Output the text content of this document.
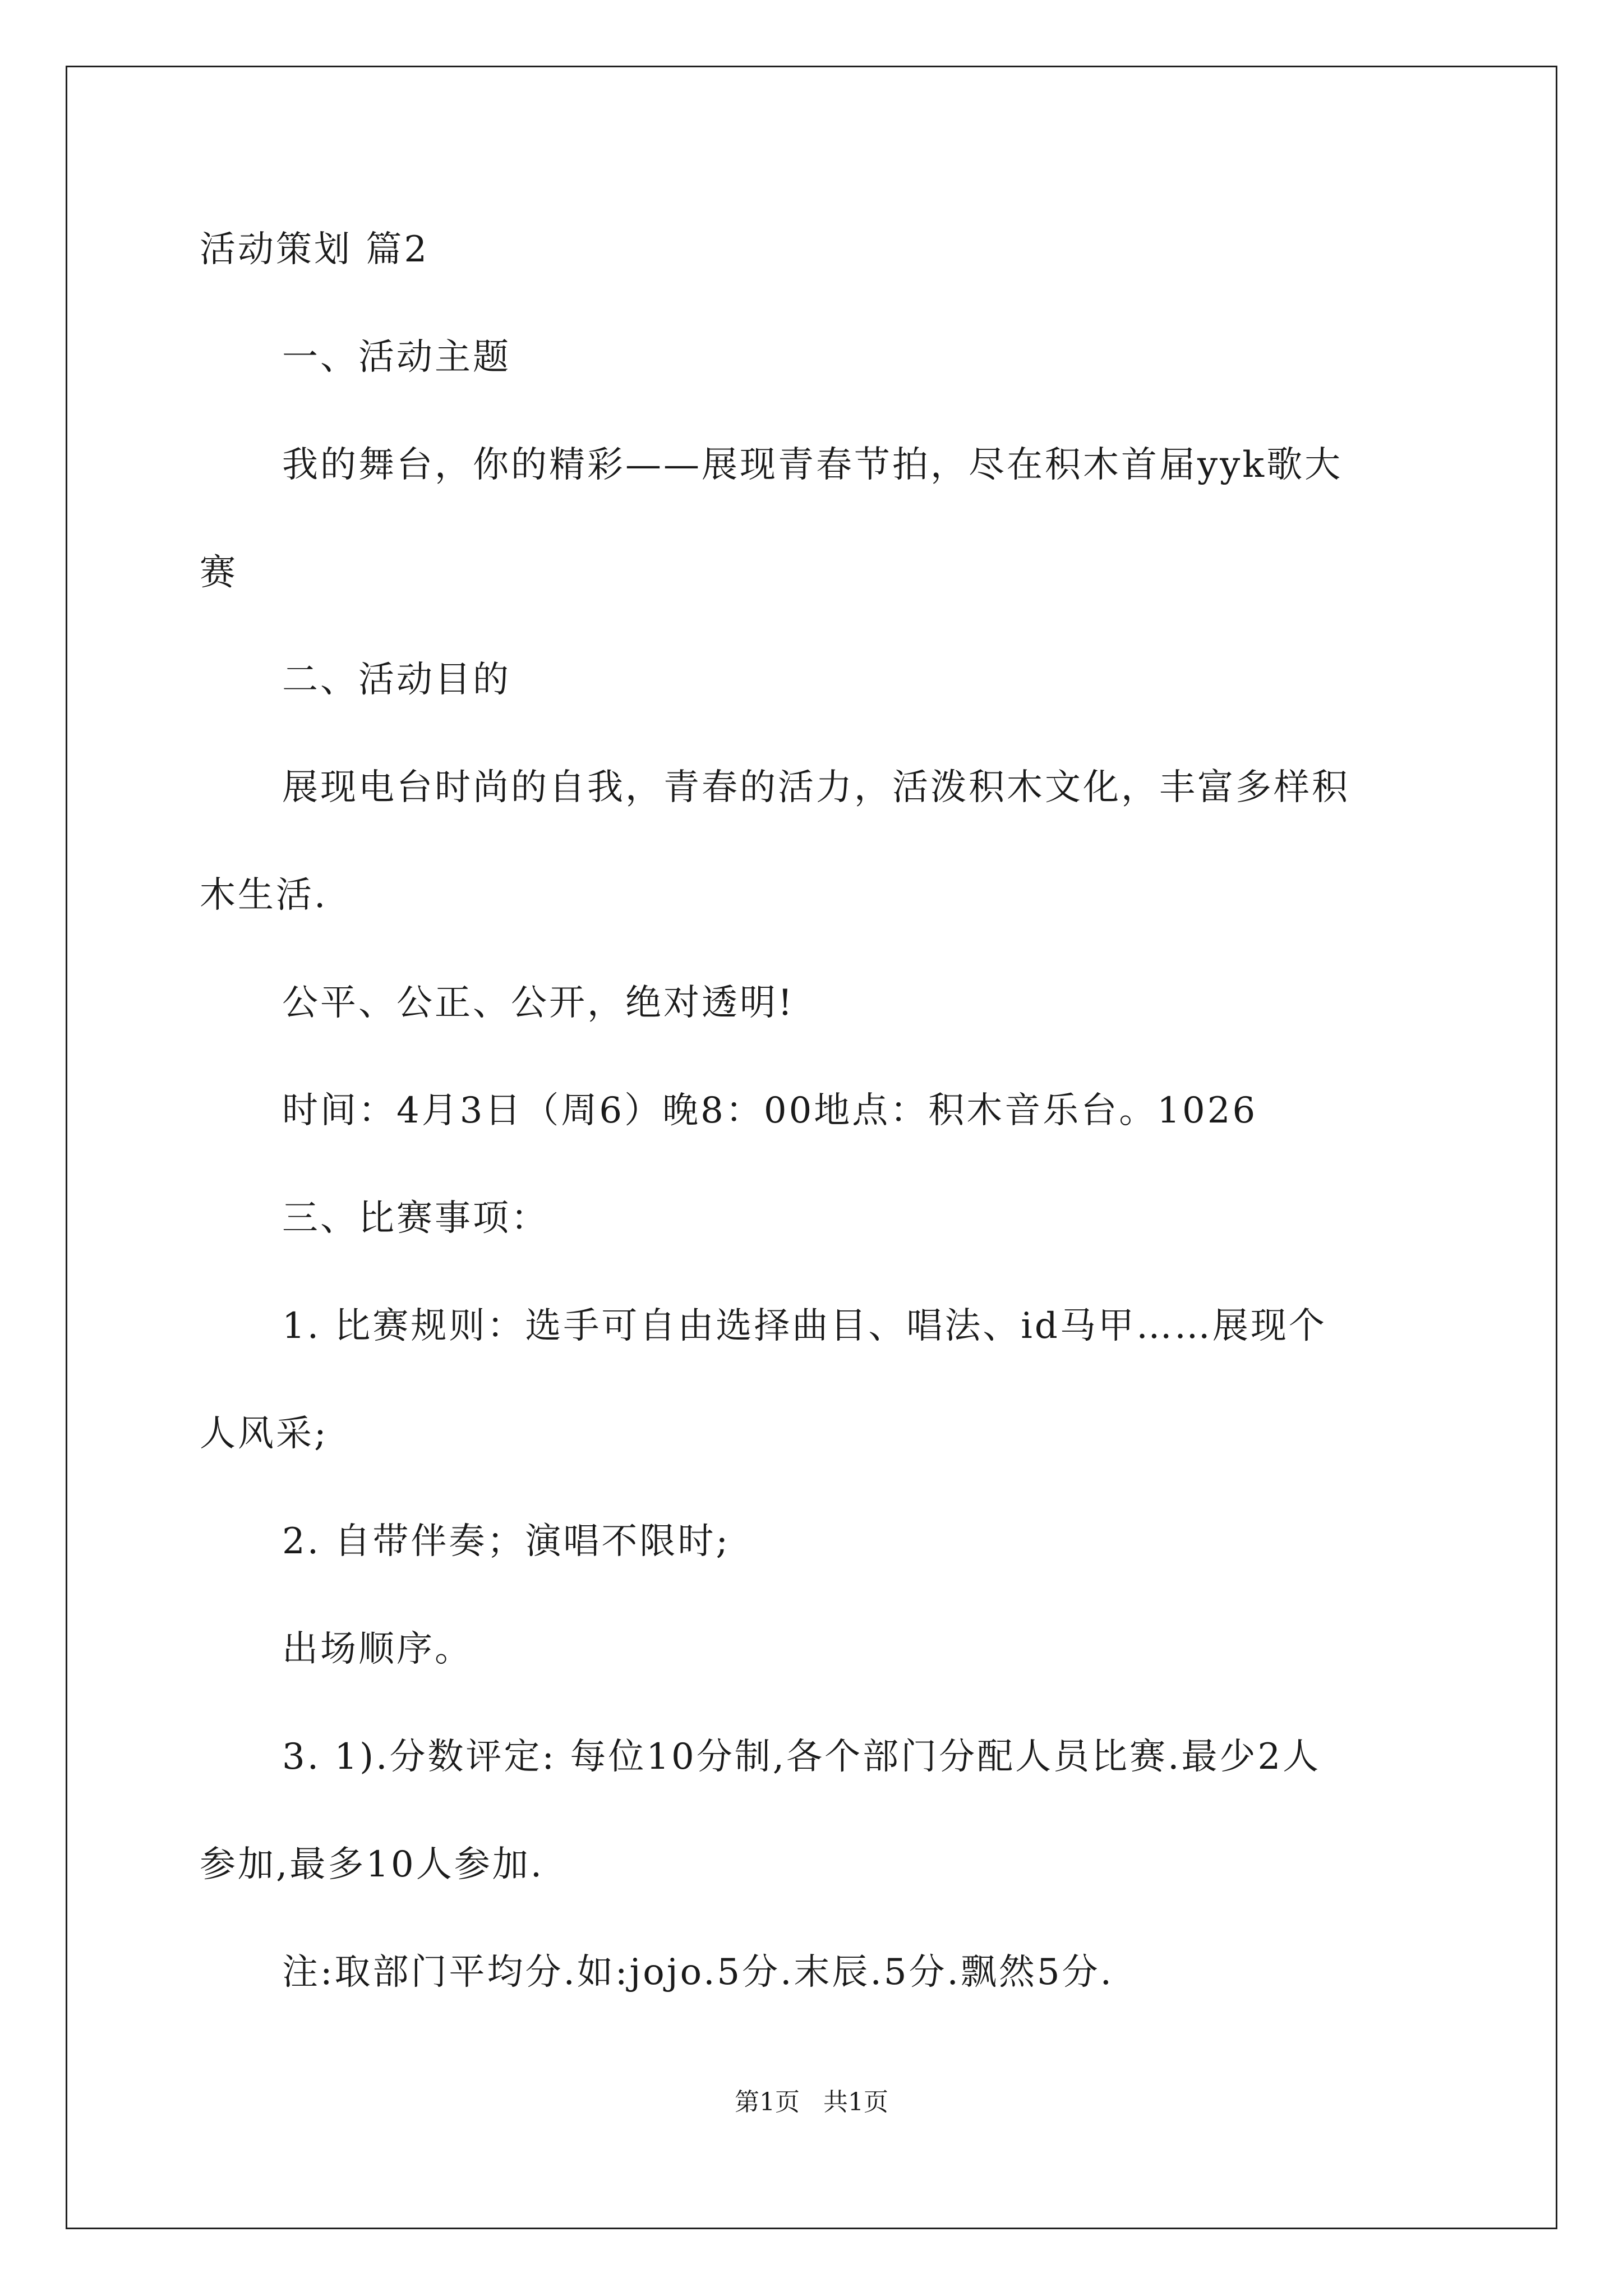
活动策划 篇2
一、活动主题
我的舞台，你的精彩——展现青春节拍，尽在积木首届yyk歌大
赛
二、活动目的
展现电台时尚的自我，青春的活力，活泼积木文化，丰富多样积
木生活.
公平、公正、公开，绝对透明!
时间：4月3日（周6）晚8：00地点：积木音乐台。1026
三、比赛事项：
1. 比赛规则：选手可自由选择曲目、唱法、id马甲……展现个
人风采;
2. 自带伴奏；演唱不限时;
出场顺序。
3. 1).分数评定: 每位10分制,各个部门分配人员比赛.最少2人
参加,最多10人参加.
注:取部门平均分.如:jojo.5分.末辰.5分.飘然5分.
第1页 共1页
